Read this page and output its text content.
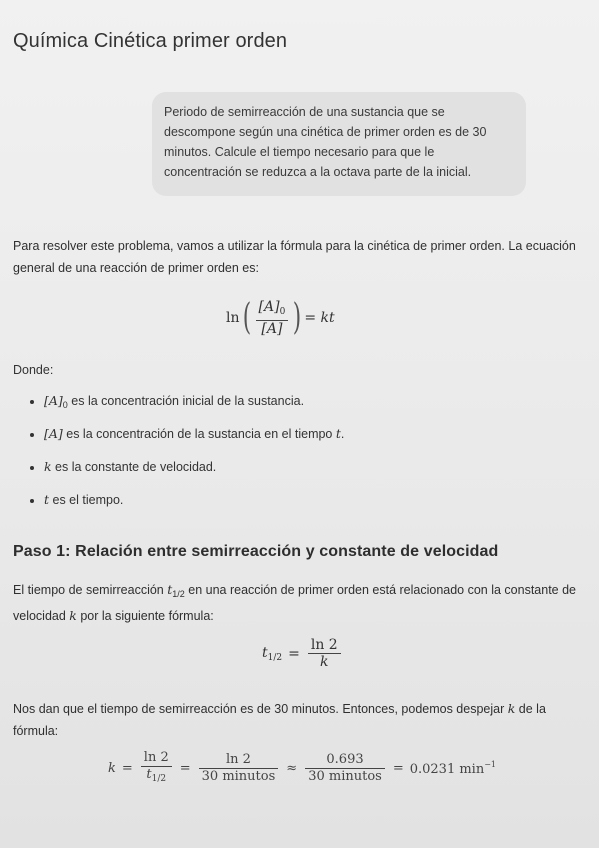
Química Cinética primer orden
Periodo de semirreacción de una sustancia que se descompone según una cinética de primer orden es de 30 minutos. Calcule el tiempo necesario para que le concentración se reduzca a la octava parte de la inicial.

Para resolver este problema, vamos a utilizar la fórmula para la cinética de primer orden. La ecuación general de una reacción de primer orden es:

ln ( $\frac{[A]_0}{[A]}$ ) = kt

Donde:

$[A]_0$ es la concentración inicial de la sustancia.
[A] es la concentración de la sustancia en el tiempo t.
k es la constante de velocidad.
t es el tiempo.
Paso 1: Relación entre semirreacción y constante de velocidad

El tiempo de semirreacción $t_{1/2}$ en una reacción de primer orden está relacionado con la constante de velocidad k por la siguiente fórmula:

$t_{1/2} = \frac{\ln 2}{k}$

Nos dan que el tiempo de semirreacción es de 30 minutos. Entonces, podemos despejar k de la fórmula:

$k = \frac{\ln 2}{t_{1/2}} = \frac{\ln 2}{\text{30 minutos}} \approx \frac{0.693}{\text{30 minutos}} = 0.0231$ $\min^{-1}$
